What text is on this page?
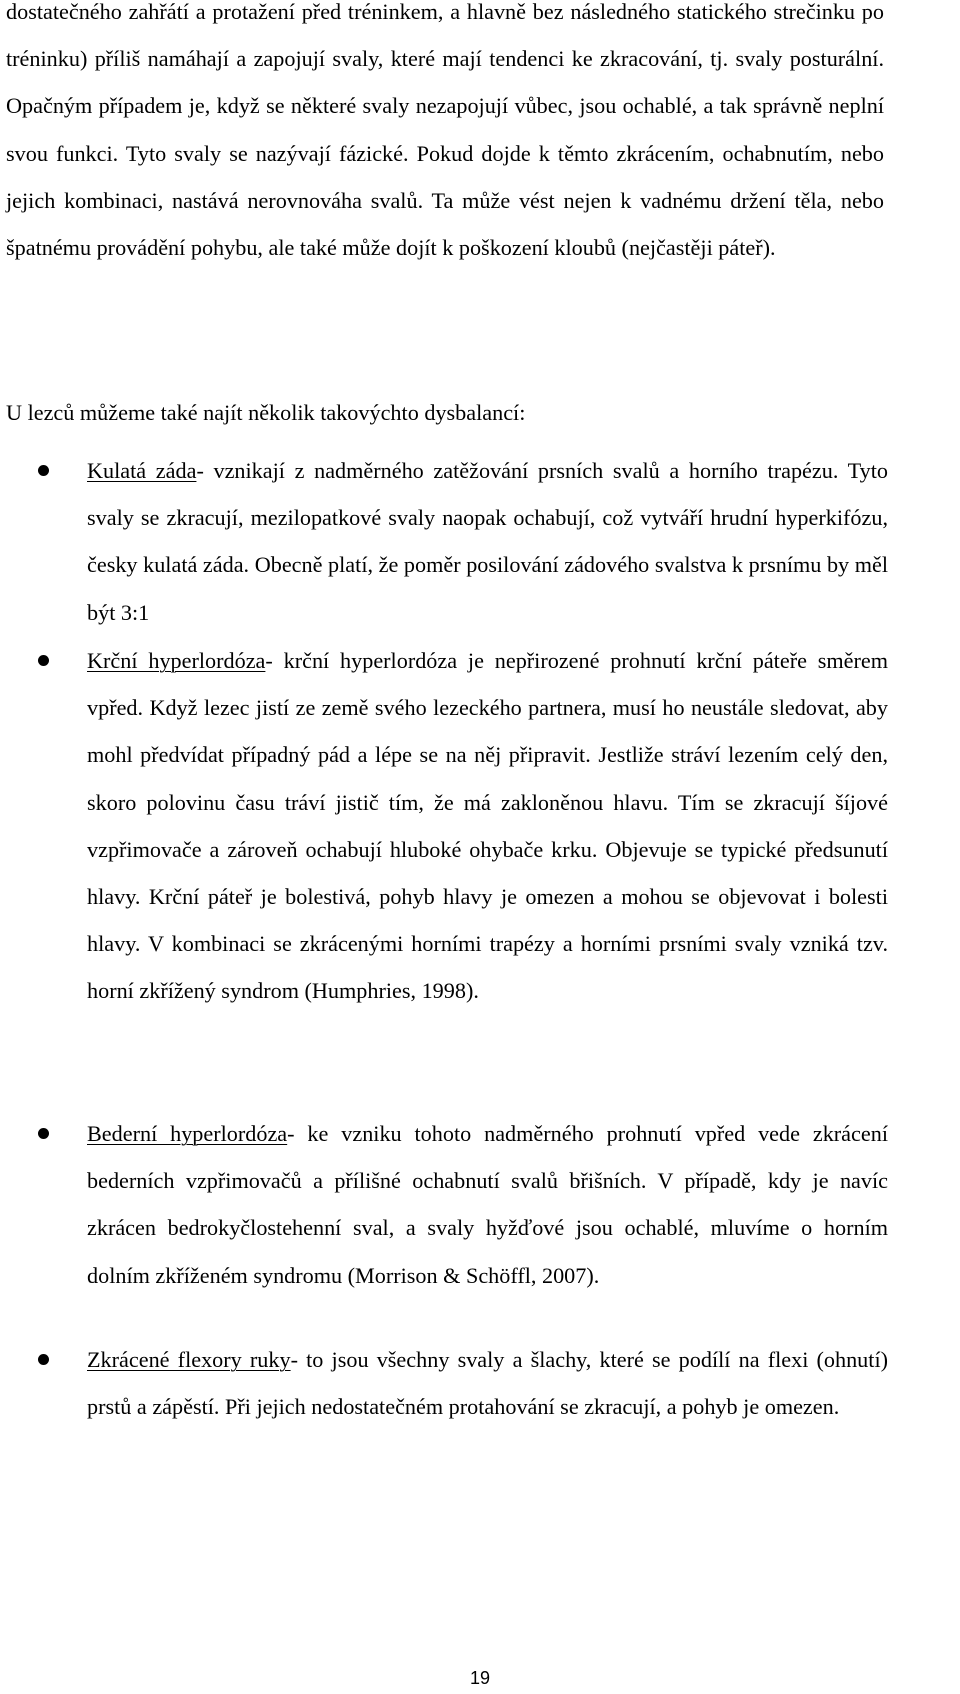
dostatečného zahřátí a protažení před tréninkem, a hlavně bez následného statického strečinku po tréninku) příliš namáhají a zapojují svaly, které mají tendenci ke zkracování, tj. svaly posturální. Opačným případem je, když se některé svaly nezapojují vůbec, jsou ochablé, a tak správně neplní svou funkci. Tyto svaly se nazývají fázické. Pokud dojde k těmto zkrácením, ochabnutím, nebo jejich kombinaci, nastává nerovnováha svalů. Ta může vést nejen k vadnému držení těla, nebo špatnému provádění pohybu, ale také může dojít k poškození kloubů (nejčastěji páteř).

U lezců můžeme také najít několik takovýchto dysbalancí:

Kulatá záda- vznikají z nadměrného zatěžování prsních svalů a horního trapézu. Tyto svaly se zkracují, mezilopatkové svaly naopak ochabují, což vytváří hrudní hyperkifózu, česky kulatá záda. Obecně platí, že poměr posilování zádového svalstva k prsnímu by měl být 3:1

Krční hyperlordóza- krční hyperlordóza je nepřirozené prohnutí krční páteře směrem vpřed. Když lezec jistí ze země svého lezeckého partnera, musí ho neustále sledovat, aby mohl předvídat případný pád a lépe se na něj připravit. Jestliže stráví lezením celý den, skoro polovinu času tráví jistič tím, že má zakloněnou hlavu. Tím se zkracují šíjové vzpřimovače a zároveň ochabují hluboké ohybače krku. Objevuje se typické předsunutí hlavy. Krční páteř je bolestivá, pohyb hlavy je omezen a mohou se objevovat i bolesti hlavy. V kombinaci se zkrácenými horními trapézy a horními prsními svaly vzniká tzv. horní zkřížený syndrom (Humphries, 1998).

Bederní hyperlordóza- ke vzniku tohoto nadměrného prohnutí vpřed vede zkrácení bederních vzpřimovačů a přílišné ochabnutí svalů břišních. V případě, kdy je navíc zkrácen bedrokyčlostehenní sval, a svaly hyžďové jsou ochablé, mluvíme o horním dolním zkříženém syndromu (Morrison & Schöffl, 2007).

Zkrácené flexory ruky- to jsou všechny svaly a šlachy, které se podílí na flexi (ohnutí) prstů a zápěstí. Při jejich nedostatečném protahování se zkracují, a pohyb je omezen.

19
